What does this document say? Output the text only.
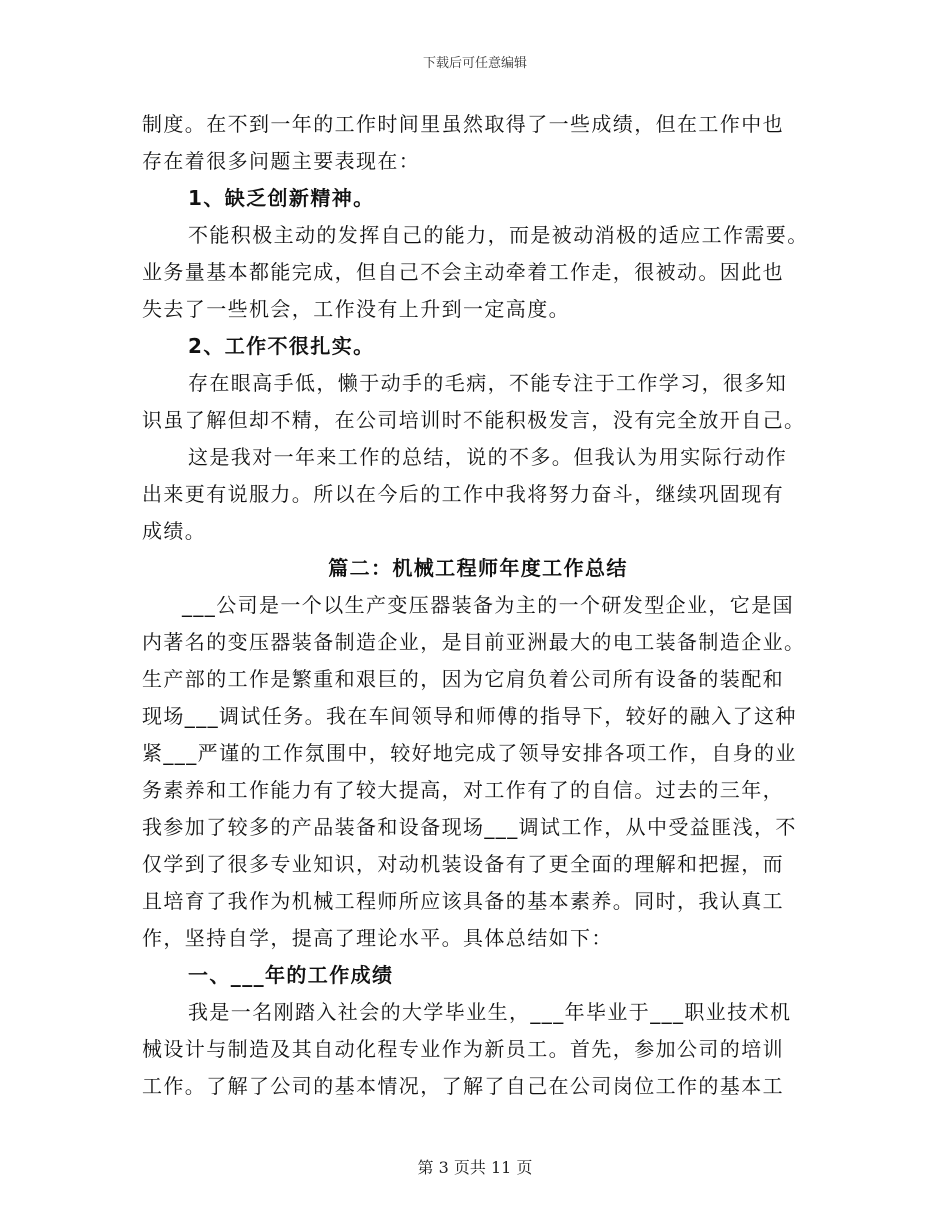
下载后可任意编辑
制度。在不到一年的工作时间里虽然取得了一些成绩，但在工作中也
存在着很多问题主要表现在：
1、缺乏创新精神。
不能积极主动的发挥自己的能力，而是被动消极的适应工作需要。
业务量基本都能完成，但自己不会主动牵着工作走，很被动。因此也
失去了一些机会，工作没有上升到一定高度。
2、工作不很扎实。
存在眼高手低，懒于动手的毛病，不能专注于工作学习，很多知
识虽了解但却不精，在公司培训时不能积极发言，没有完全放开自己。
这是我对一年来工作的总结，说的不多。但我认为用实际行动作
出来更有说服力。所以在今后的工作中我将努力奋斗，继续巩固现有
成绩。
篇二：机械工程师年度工作总结
___公司是一个以生产变压器装备为主的一个研发型企业，它是国
内著名的变压器装备制造企业，是目前亚洲最大的电工装备制造企业。
生产部的工作是繁重和艰巨的，因为它肩负着公司所有设备的装配和
现场___调试任务。我在车间领导和师傅的指导下，较好的融入了这种
紧___严谨的工作氛围中，较好地完成了领导安排各项工作，自身的业
务素养和工作能力有了较大提高，对工作有了的自信。过去的三年，
我参加了较多的产品装备和设备现场___调试工作，从中受益匪浅，不
仅学到了很多专业知识，对动机装设备有了更全面的理解和把握，而
且培育了我作为机械工程师所应该具备的基本素养。同时，我认真工
作，坚持自学，提高了理论水平。具体总结如下：
一、___年的工作成绩
我是一名刚踏入社会的大学毕业生，___年毕业于___职业技术机
械设计与制造及其自动化程专业作为新员工。首先，参加公司的培训
工作。了解了公司的基本情况，了解了自己在公司岗位工作的基本工
第 3 页共 11 页
